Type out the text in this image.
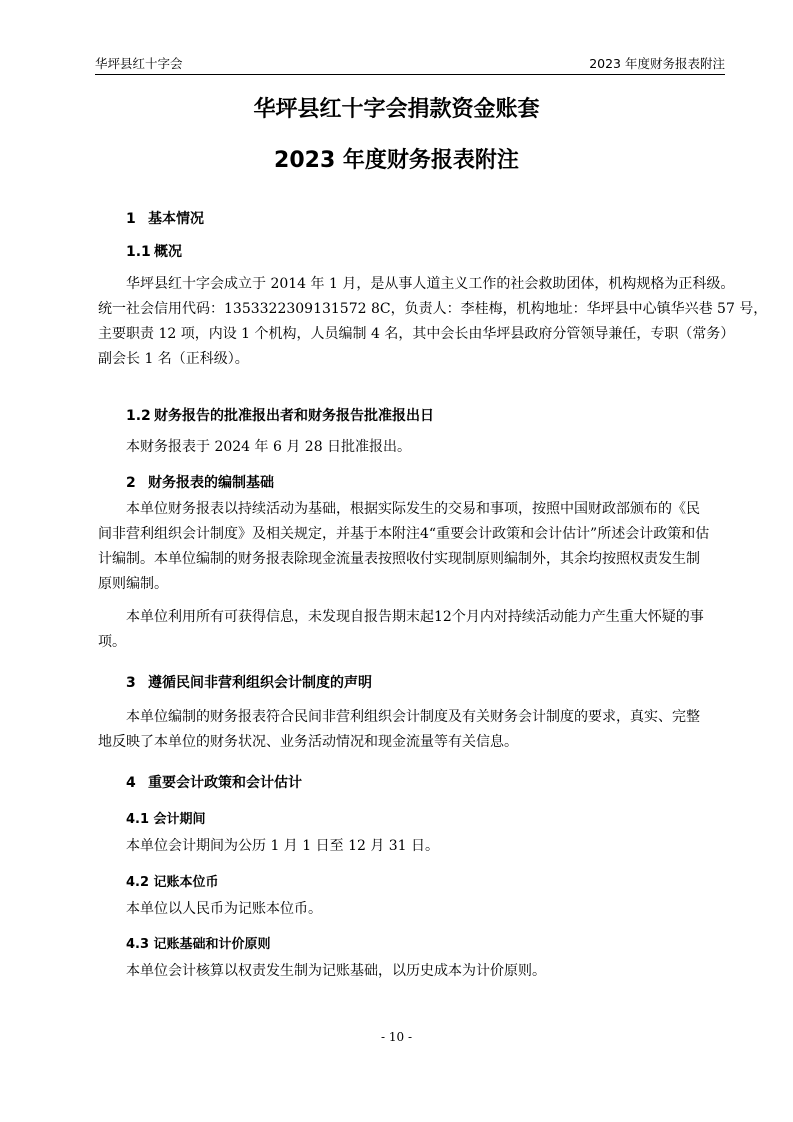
华坪县红十字会	2023 年度财务报表附注
华坪县红十字会捐款资金账套
2023 年度财务报表附注
1 基本情况
1.1 概况

　　华坪县红十字会成立于 2014 年 1 月，是从事人道主义工作的社会救助团体，机构规格为正科级。
统一社会信用代码：1353322309131572 8C，负责人：李桂梅，机构地址：华坪县中心镇华兴巷 57 号，
主要职责 12 项，内设 1 个机构，人员编制 4 名，其中会长由华坪县政府分管领导兼任，专职（常务）
副会长 1 名（正科级）。

1.2 财务报告的批准报出者和财务报告批准报出日

　　本财务报表于 2024 年 6 月 28 日批准报出。

2 财务报表的编制基础

　　本单位财务报表以持续活动为基础，根据实际发生的交易和事项，按照中国财政部颁布的《民
间非营利组织会计制度》及相关规定，并基于本附注4“重要会计政策和会计估计”所述会计政策和估
计编制。本单位编制的财务报表除现金流量表按照收付实现制原则编制外，其余均按照权责发生制
原则编制。

　　本单位利用所有可获得信息，未发现自报告期末起12个月内对持续活动能力产生重大怀疑的事
项。

3 遵循民间非营利组织会计制度的声明

　　本单位编制的财务报表符合民间非营利组织会计制度及有关财务会计制度的要求，真实、完整
地反映了本单位的财务状况、业务活动情况和现金流量等有关信息。

4 重要会计政策和会计估计
4.1 会计期间

　　本单位会计期间为公历 1 月 1 日至 12 月 31 日。

4.2 记账本位币

　　本单位以人民币为记账本位币。

4.3 记账基础和计价原则

　　本单位会计核算以权责发生制为记账基础，以历史成本为计价原则。

- 10 -
